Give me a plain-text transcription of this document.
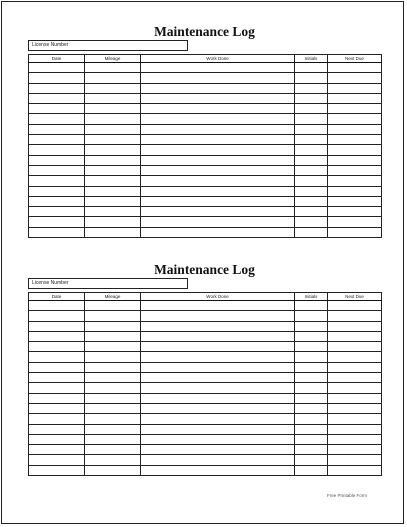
Maintenance Log
License Number
Date	Mileage	Work Done	Initials	Next Due

Maintenance Log
License Number
Date	Mileage	Work Done	Initials	Next Due

Free Printable Form
